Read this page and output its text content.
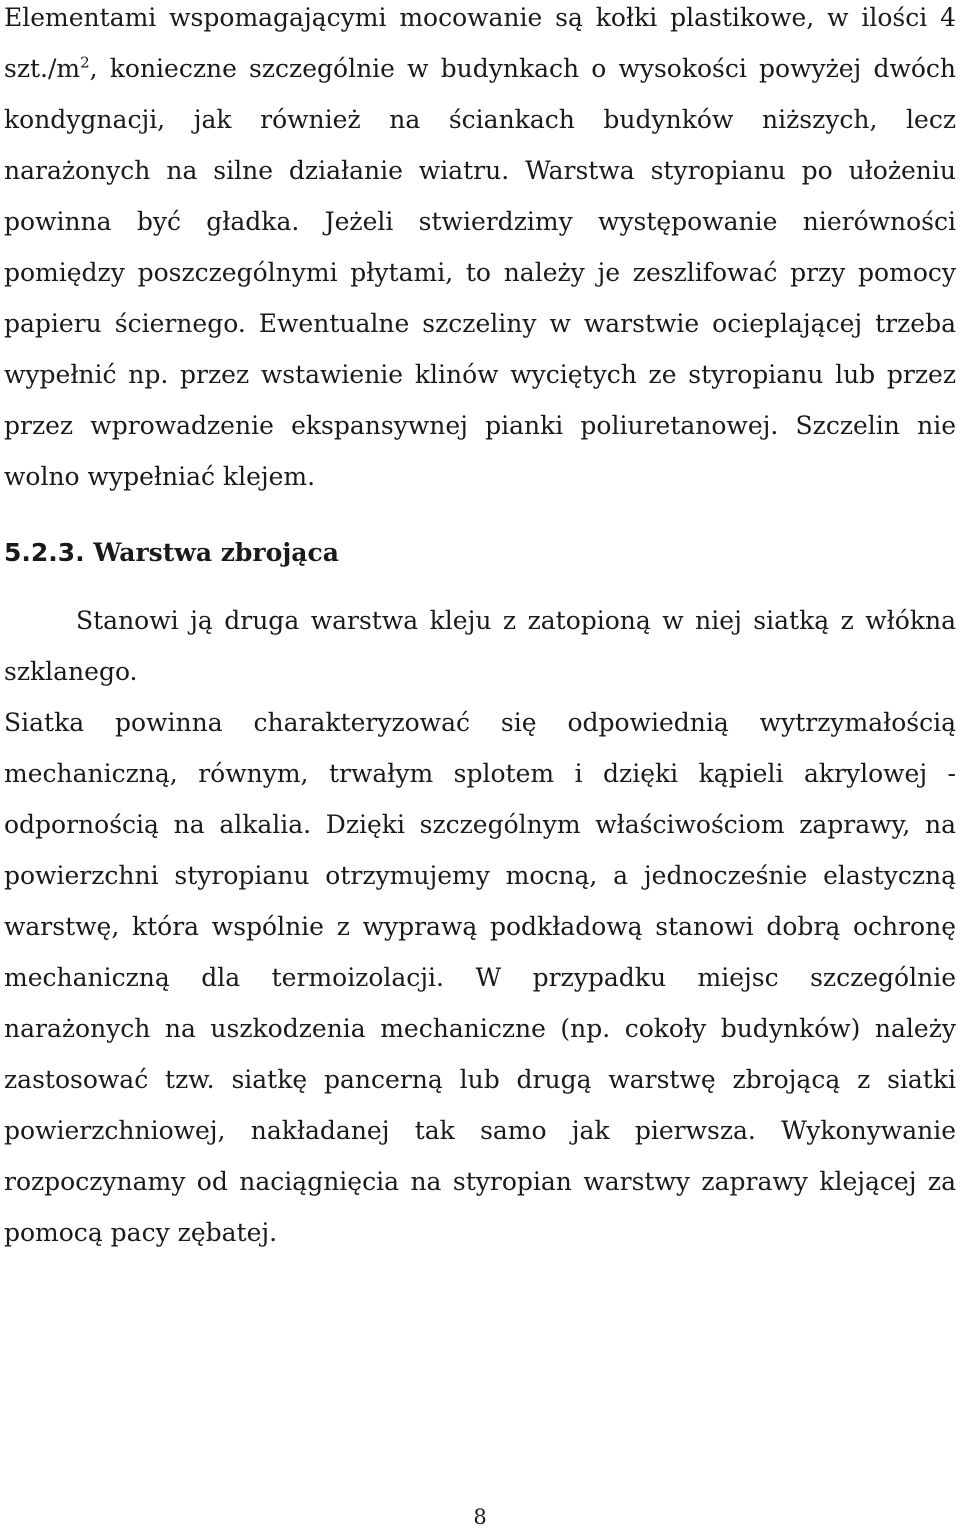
Elementami wspomagającymi mocowanie są kołki plastikowe, w ilości 4 $szt./m^2$, konieczne szczególnie w budynkach o wysokości powyżej dwóch kondygnacji, jak również na ściankach budynków niższych, lecz narażonych na silne działanie wiatru. Warstwa styropianu po ułożeniu powinna być gładka. Jeżeli stwierdzimy występowanie nierówności pomiędzy poszczególnymi płytami, to należy je zeszlifować przy pomocy papieru ściernego. Ewentualne szczeliny w warstwie ocieplającej trzeba wypełnić np. przez wstawienie klinów wyciętych ze styropianu lub przez przez wprowadzenie ekspansywnej pianki poliuretanowej. Szczelin nie wolno wypełniać klejem.

5.2.3. Warstwa zbrojąca

Stanowi ją druga warstwa kleju z zatopioną w niej siatką z włókna szklanego.

Siatka powinna charakteryzować się odpowiednią wytrzymałością mechaniczną, równym, trwałym splotem i dzięki kąpieli akrylowej - odpornością na alkalia. Dzięki szczególnym właściwościom zaprawy, na powierzchni styropianu otrzymujemy mocną, a jednocześnie elastyczną warstwę, która wspólnie z wyprawą podkładową stanowi dobrą ochronę mechaniczną dla termoizolacji. W przypadku miejsc szczególnie narażonych na uszkodzenia mechaniczne (np. cokoły budynków) należy zastosować tzw. siatkę pancerną lub drugą warstwę zbrojącą z siatki powierzchniowej, nakładanej tak samo jak pierwsza. Wykonywanie rozpoczynamy od naciągnięcia na styropian warstwy zaprawy klejącej za pomocą pacy zębatej.

8
